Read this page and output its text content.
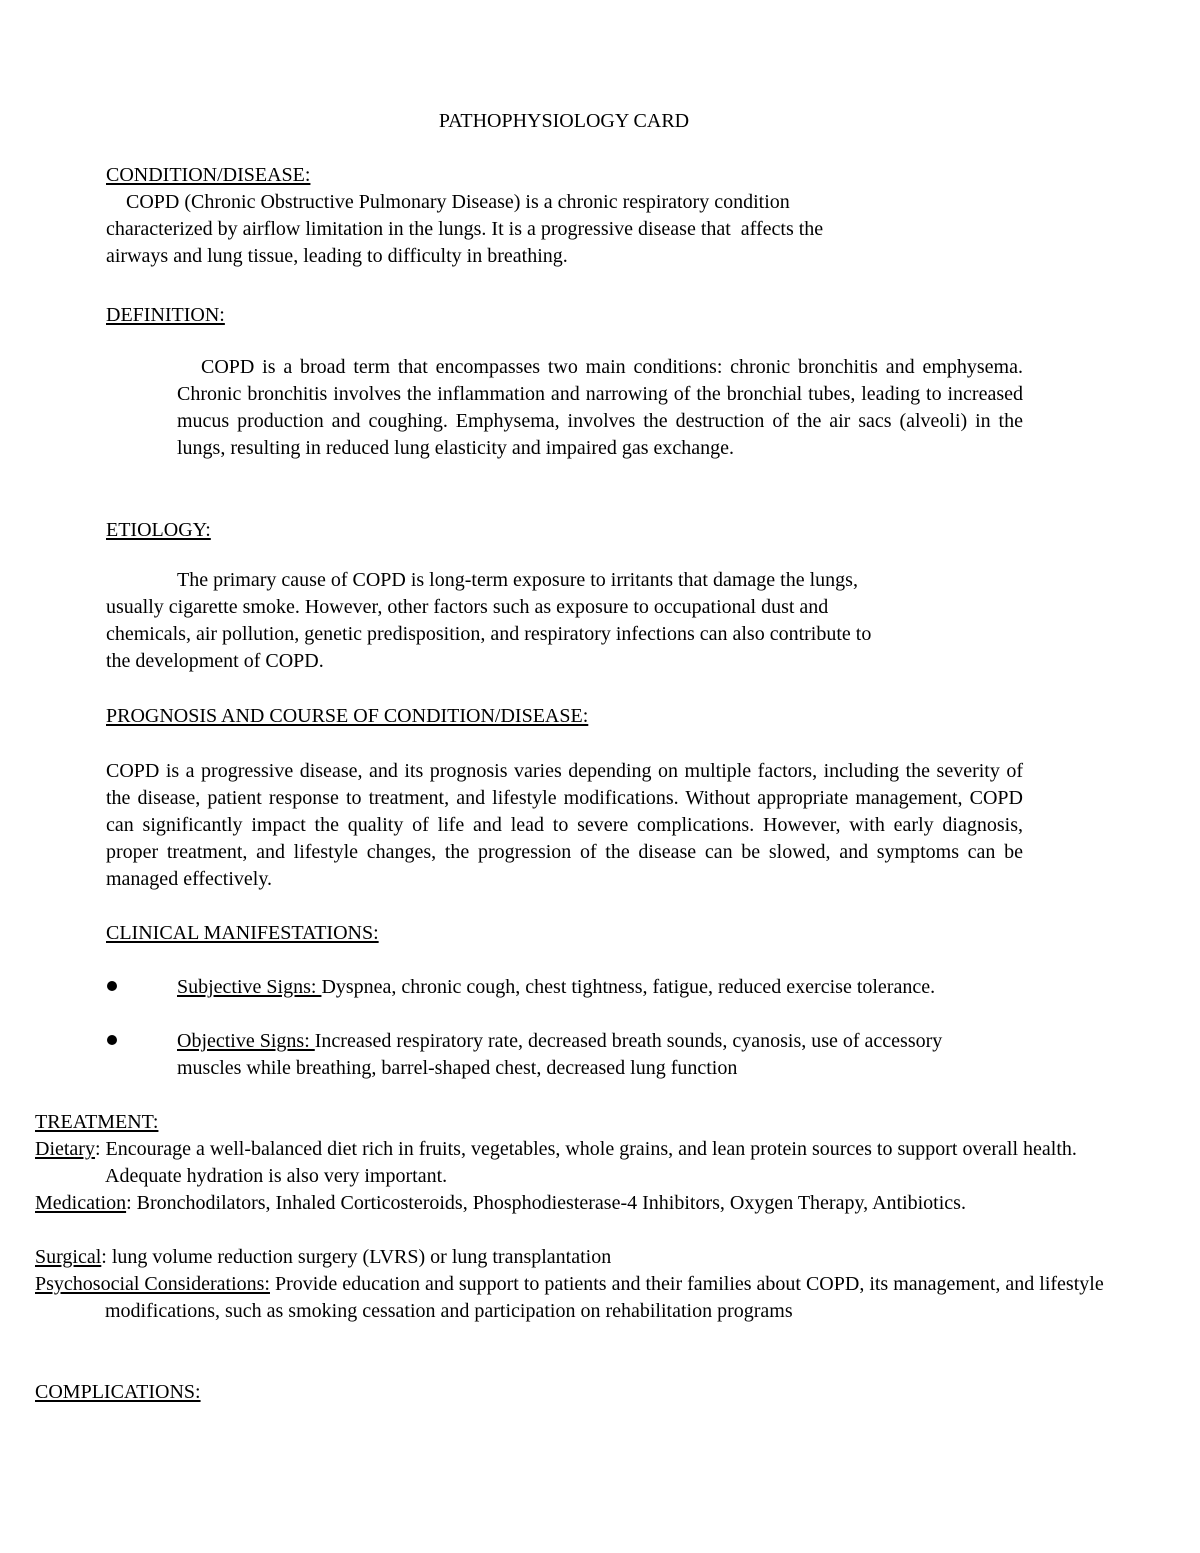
PATHOPHYSIOLOGY CARD
CONDITION/DISEASE:
COPD (Chronic Obstructive Pulmonary Disease) is a chronic respiratory condition
characterized by airflow limitation in the lungs. It is a progressive disease that  affects the
airways and lung tissue, leading to difficulty in breathing.
DEFINITION:

COPD is a broad term that encompasses two main conditions: chronic bronchitis and emphysema. Chronic bronchitis involves the inflammation and narrowing of the bronchial tubes, leading to increased mucus production and coughing. Emphysema, involves the destruction of the air sacs (alveoli) in the lungs, resulting in reduced lung elasticity and impaired gas exchange.

ETIOLOGY:
The primary cause of COPD is long-term exposure to irritants that damage the lungs,
usually cigarette smoke. However, other factors such as exposure to occupational dust and
chemicals, air pollution, genetic predisposition, and respiratory infections can also contribute to
the development of COPD.
PROGNOSIS AND COURSE OF CONDITION/DISEASE:

COPD is a progressive disease, and its prognosis varies depending on multiple factors, including the severity of the disease, patient response to treatment, and lifestyle modifications. Without appropriate management, COPD can significantly impact the quality of life and lead to severe complications. However, with early diagnosis, proper treatment, and lifestyle changes, the progression of the disease can be slowed, and symptoms can be managed effectively.

CLINICAL MANIFESTATIONS:

Subjective Signs: Dyspnea, chronic cough, chest tightness, fatigue, reduced exercise tolerance.

Objective Signs: Increased respiratory rate, decreased breath sounds, cyanosis, use of accessory muscles while breathing, barrel-shaped chest, decreased lung function

TREATMENT:

Dietary: Encourage a well-balanced diet rich in fruits, vegetables, whole grains, and lean protein sources to support overall health. Adequate hydration is also very important.

Medication: Bronchodilators, Inhaled Corticosteroids, Phosphodiesterase-4 Inhibitors, Oxygen Therapy, Antibiotics.

Surgical: lung volume reduction surgery (LVRS) or lung transplantation

Psychosocial Considerations: Provide education and support to patients and their families about COPD, its management, and lifestyle modifications, such as smoking cessation and participation on rehabilitation programs

COMPLICATIONS:
